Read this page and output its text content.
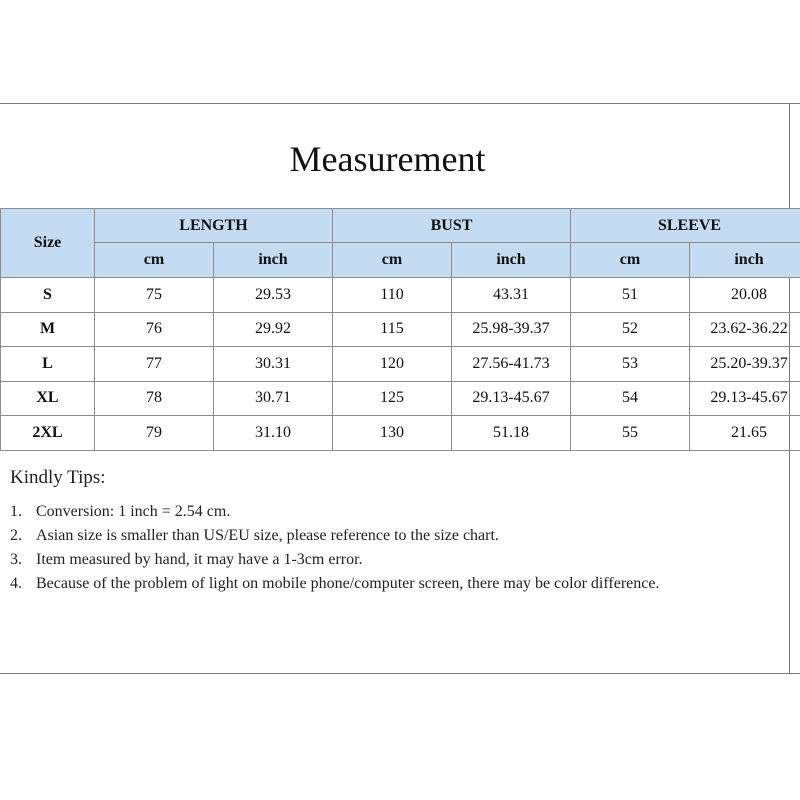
Measurement
Size	LENGTH		BUST		SLEEVE	
	cm	inch	cm	inch	cm	inch
S	75	29.53	110	43.31	51	20.08
M	76	29.92	115	25.98-39.37	52	23.62-36.22
L	77	30.31	120	27.56-41.73	53	25.20-39.37
XL	78	30.71	125	29.13-45.67	54	29.13-45.67
2XL	79	31.10	130	51.18	55	21.65
Kindly Tips:
1. Conversion: 1 inch = 2.54 cm.
2. Asian size is smaller than US/EU size, please reference to the size chart.
3. Item measured by hand, it may have a 1-3cm error.
4. Because of the problem of light on mobile phone/computer screen, there may be color difference.
